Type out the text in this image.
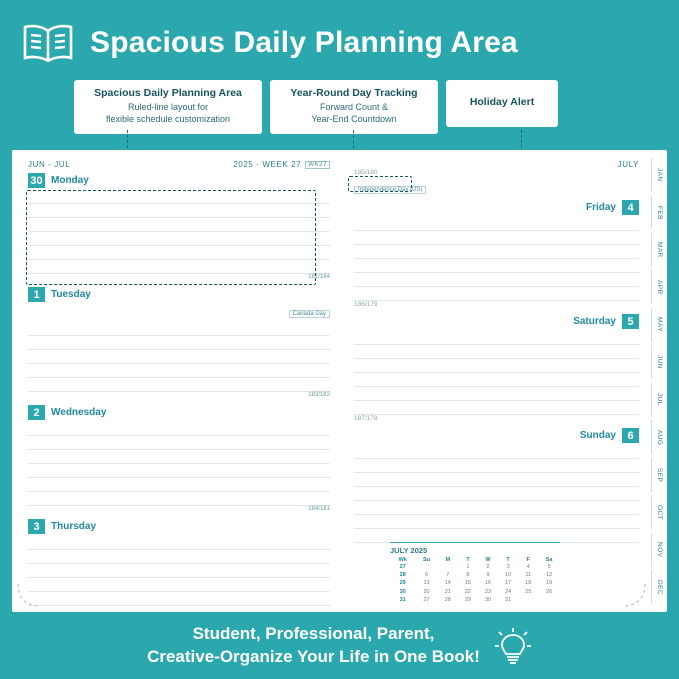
Spacious Daily Planning Area
Spacious Daily Planning Area
Ruled-line layout for
flexible schedule customization
Year-Round Day Tracking
Forward Count &
Year-End Countdown
Holiday Alert
JUN - JUL	2025 - WEEK 27	WK27
30 Monday
181/184
1	Tuesday
Canada Day
183/182
2	Wednesday
184/181
3	Thursday

JULY
185/180
Independence Day (US)
Friday	4
186/179
Saturday	5
187/178
Sunday	6
JULY 2025
Wk	Su	M	T	W	T	F	Sa
27			1	2	3	4	5
28	6	7	8	9	10	11	12
29	13	14	15	16	17	18	19
30	20	21	22	23	24	25	26
31	27	28	29	30	31		
JAN
FEB
MAR
APR
MAY
JUN
JUL
AUG
SEP
OCT
NOV
DEC
Student, Professional, Parent,
Creative-Organize Your Life in One Book!
